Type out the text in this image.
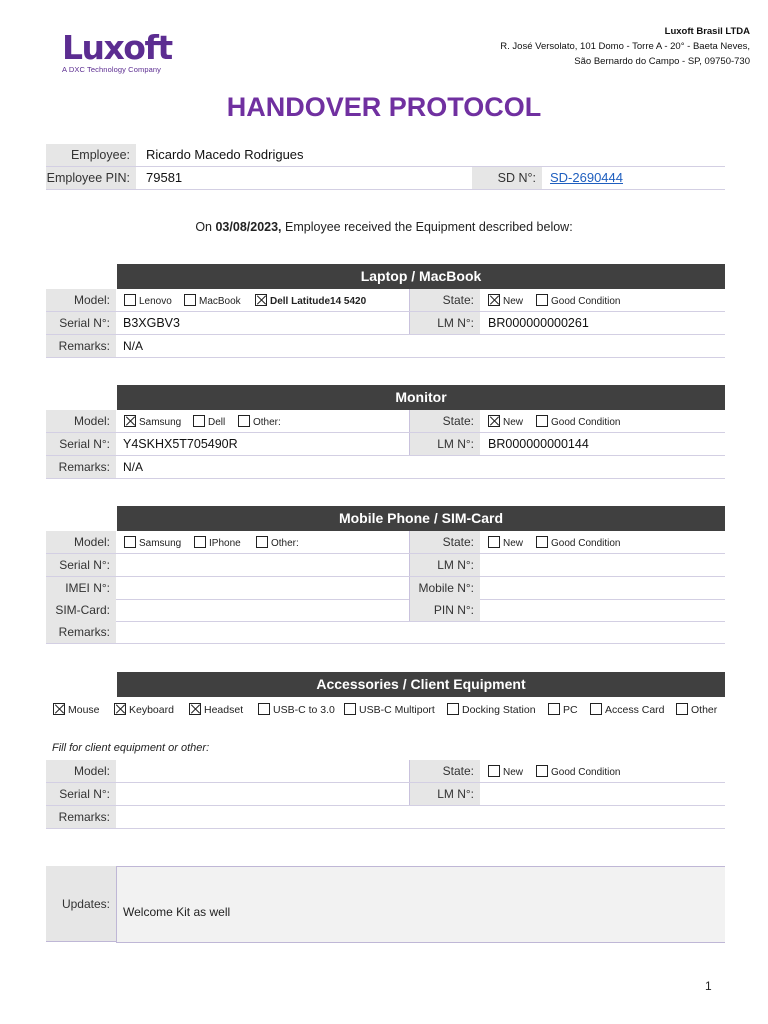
Luxoft
A DXC Technology Company
Luxoft Brasil LTDA
R. José Versolato, 101 Domo - Torre A - 20° - Baeta Neves,
São Bernardo do Campo - SP, 09750-730
HANDOVER PROTOCOL
Employee:	Ricardo Macedo Rodrigues
Employee PIN:	79581	SD N°:	SD-2690444
On 03/08/2023, Employee received the Equipment described below:
Laptop / MacBook
Model:	Lenovo	MacBook	Dell Latitude14 5420	State:	New	Good Condition
Serial N°:	B3XGBV3	LM N°:	BR000000000261
Remarks:	N/A
Monitor
Model:	Samsung	Dell	Other:	State:	New	Good Condition
Serial N°:	Y4SKHX5T705490R	LM N°:	BR000000000144
Remarks:	N/A
Mobile Phone / SIM-Card
Model:	Samsung	IPhone	Other:	State:	New	Good Condition
Serial N°:	LM N°:
IMEI N°:	Mobile N°:
SIM-Card:	PIN N°:
Remarks:
Accessories / Client Equipment
Mouse	Keyboard	Headset	USB-C to 3.0	USB-C Multiport	Docking Station	PC	Access Card	Other
Fill for client equipment or other:
Model:	State:	New	Good Condition
Serial N°:	LM N°:
Remarks:
Updates:
Welcome Kit as well
1
